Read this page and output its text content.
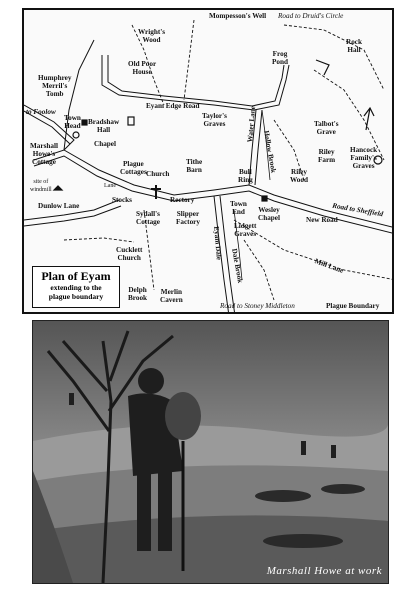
Mompesson's Well Road to Druid's Circle
Wright's
Wood	Rock
Hall
Frog
Pond
Old Poor
House
Humphrey
Merril's
Tomb
Eyam Edge Road
to Foolow
Town
Head Bradshaw
Hall
Taylor's
Graves	Talbot's
Grave
Riley
Farm
Hancock
Family's
Graves
Marshall
Howe's
Cottage
Chapel	Hollow Brook
Water Lane
site of
windmill
Plague
Cottages Church
Tithe
Barn	Bull
Ring
Riley
Wood
Lane
Dunlow Lane
Stocks	Rectory	Town
End Wesley
Chapel	New Road
Road to Sheffield
Sydall's
Cottage
Slipper
Factory	Lidgett
Graves
Eyam Dale
Dale Brook	Mill Lane
Cucklett
Church
Delph
Brook
Merlin
Cavern
Road to Stoney Middleton	Plague Boundary
Plan of Eyam
extending to the
plague boundary
Marshall Howe at work
